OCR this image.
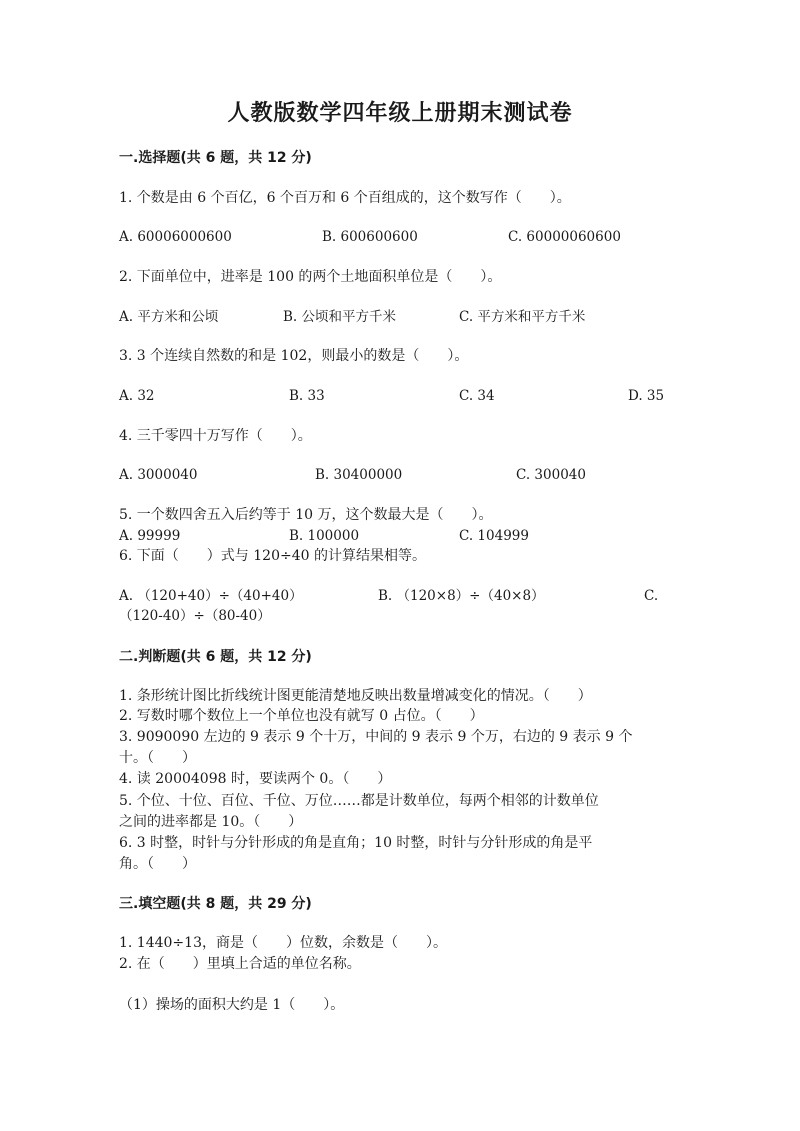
人教版数学四年级上册期末测试卷
一.选择题(共 6 题，共 12 分)
1. 个数是由 6 个百亿，6 个百万和 6 个百组成的，这个数写作（　　）。
A. 60006000600	B. 600600600	C. 60000060600
2. 下面单位中，进率是 100 的两个土地面积单位是（　　）。
A. 平方米和公顷	B. 公顷和平方千米	C. 平方米和平方千米
3. 3 个连续自然数的和是 102，则最小的数是（　　）。
A. 32	B. 33	C. 34	D. 35
4. 三千零四十万写作（　　）。
A. 3000040	B. 30400000	C. 300040
5. 一个数四舍五入后约等于 10 万，这个数最大是（　　）。
A. 99999	B. 100000	C. 104999
6. 下面（　　）式与 120÷40 的计算结果相等。
A. （120+40）÷（40+40）	B. （120×8）÷（40×8）	C.
（120-40）÷（80-40）
二.判断题(共 6 题，共 12 分)
1. 条形统计图比折线统计图更能清楚地反映出数量增减变化的情况。（　　）
2. 写数时哪个数位上一个单位也没有就写 0 占位。（　　）
3. 9090090 左边的 9 表示 9 个十万，中间的 9 表示 9 个万，右边的 9 表示 9 个
十。（　　）
4. 读 20004098 时，要读两个 0。（　　）
5. 个位、十位、百位、千位、万位……都是计数单位，每两个相邻的计数单位
之间的进率都是 10。（　　）
6. 3 时整，时针与分针形成的角是直角；10 时整，时针与分针形成的角是平
角。（　　）
三.填空题(共 8 题，共 29 分)
1. 1440÷13，商是（　　）位数，余数是（　　）。
2. 在（　　）里填上合适的单位名称。
（1）操场的面积大约是 1（　　）。
